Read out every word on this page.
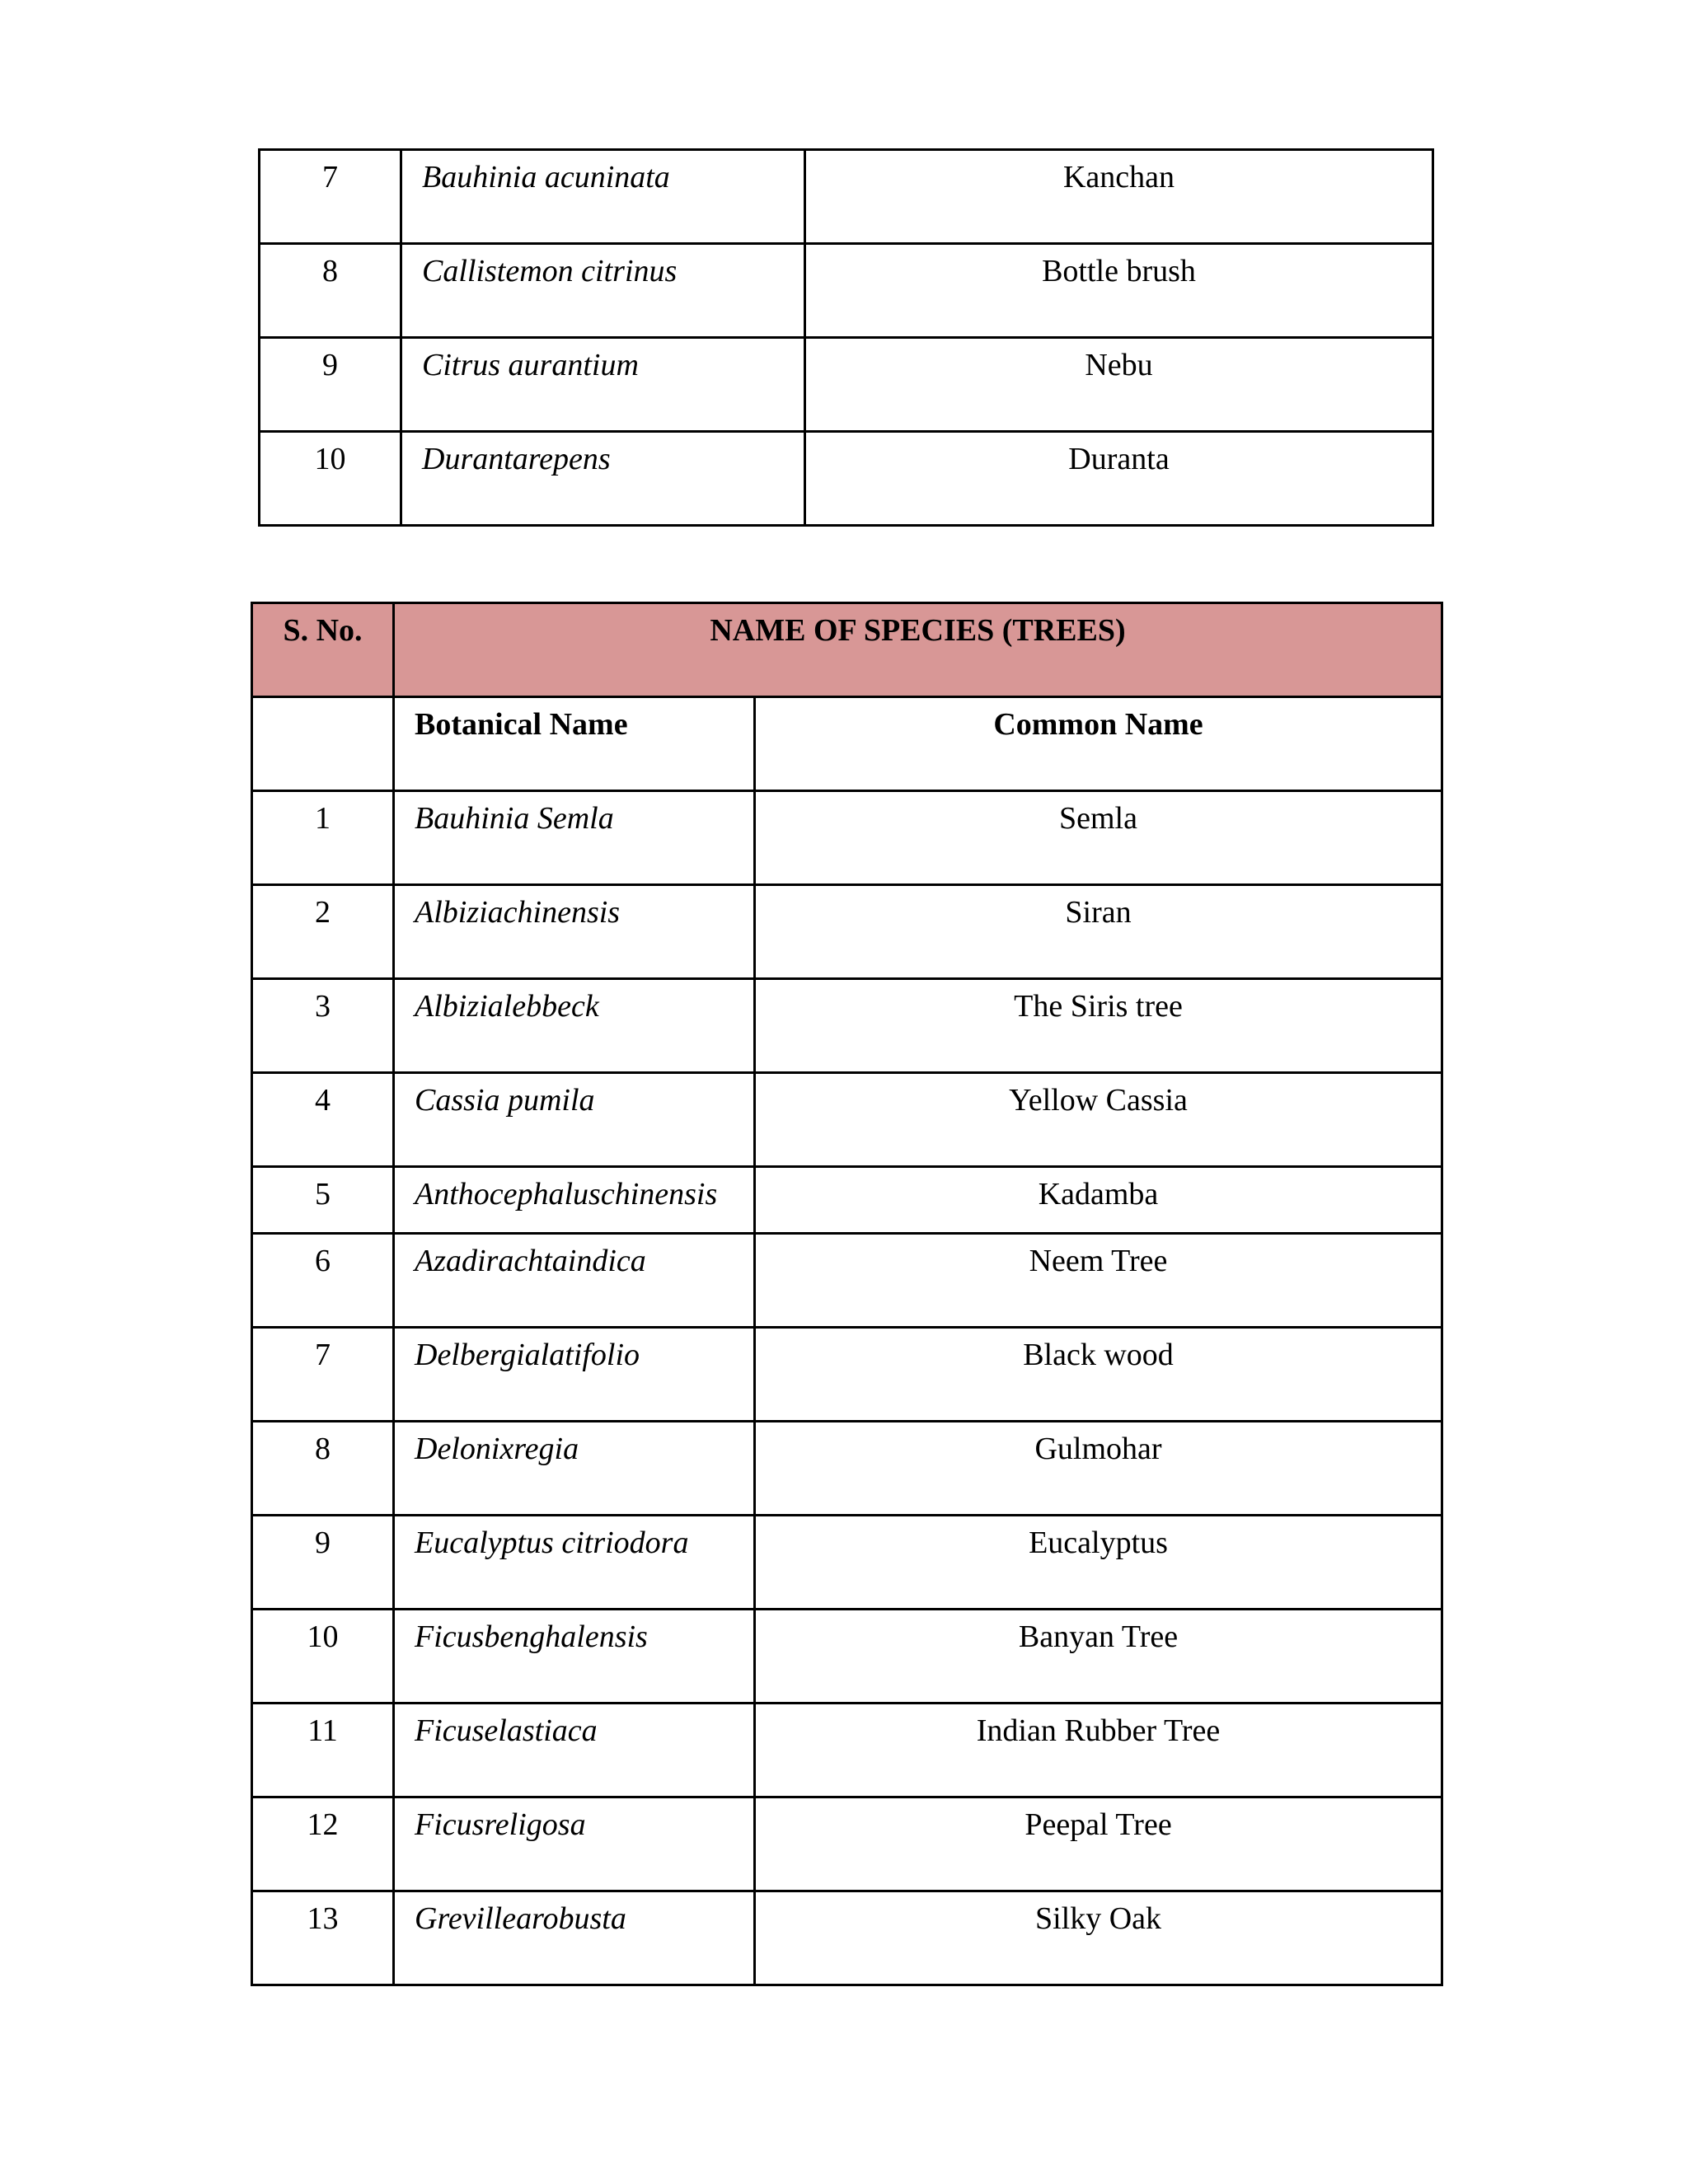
7	Bauhinia acuninata	Kanchan
8	Callistemon citrinus	Bottle brush
9	Citrus aurantium	Nebu
10	Durantarepens	Duranta
S. No.	NAME OF SPECIES (TREES)	
	Botanical Name	Common Name
1	Bauhinia Semla	Semla
2	Albiziachinensis	Siran
3	Albizialebbeck	The Siris tree
4	Cassia pumila	Yellow Cassia
5	Anthocephaluschinensis	Kadamba
6	Azadirachtaindica	Neem Tree
7	Delbergialatifolio	Black wood
8	Delonixregia	Gulmohar
9	Eucalyptus citriodora	Eucalyptus
10	Ficusbenghalensis	Banyan Tree
11	Ficuselastiaca	Indian Rubber Tree
12	Ficusreligosa	Peepal Tree
13	Grevillearobusta	Silky Oak
